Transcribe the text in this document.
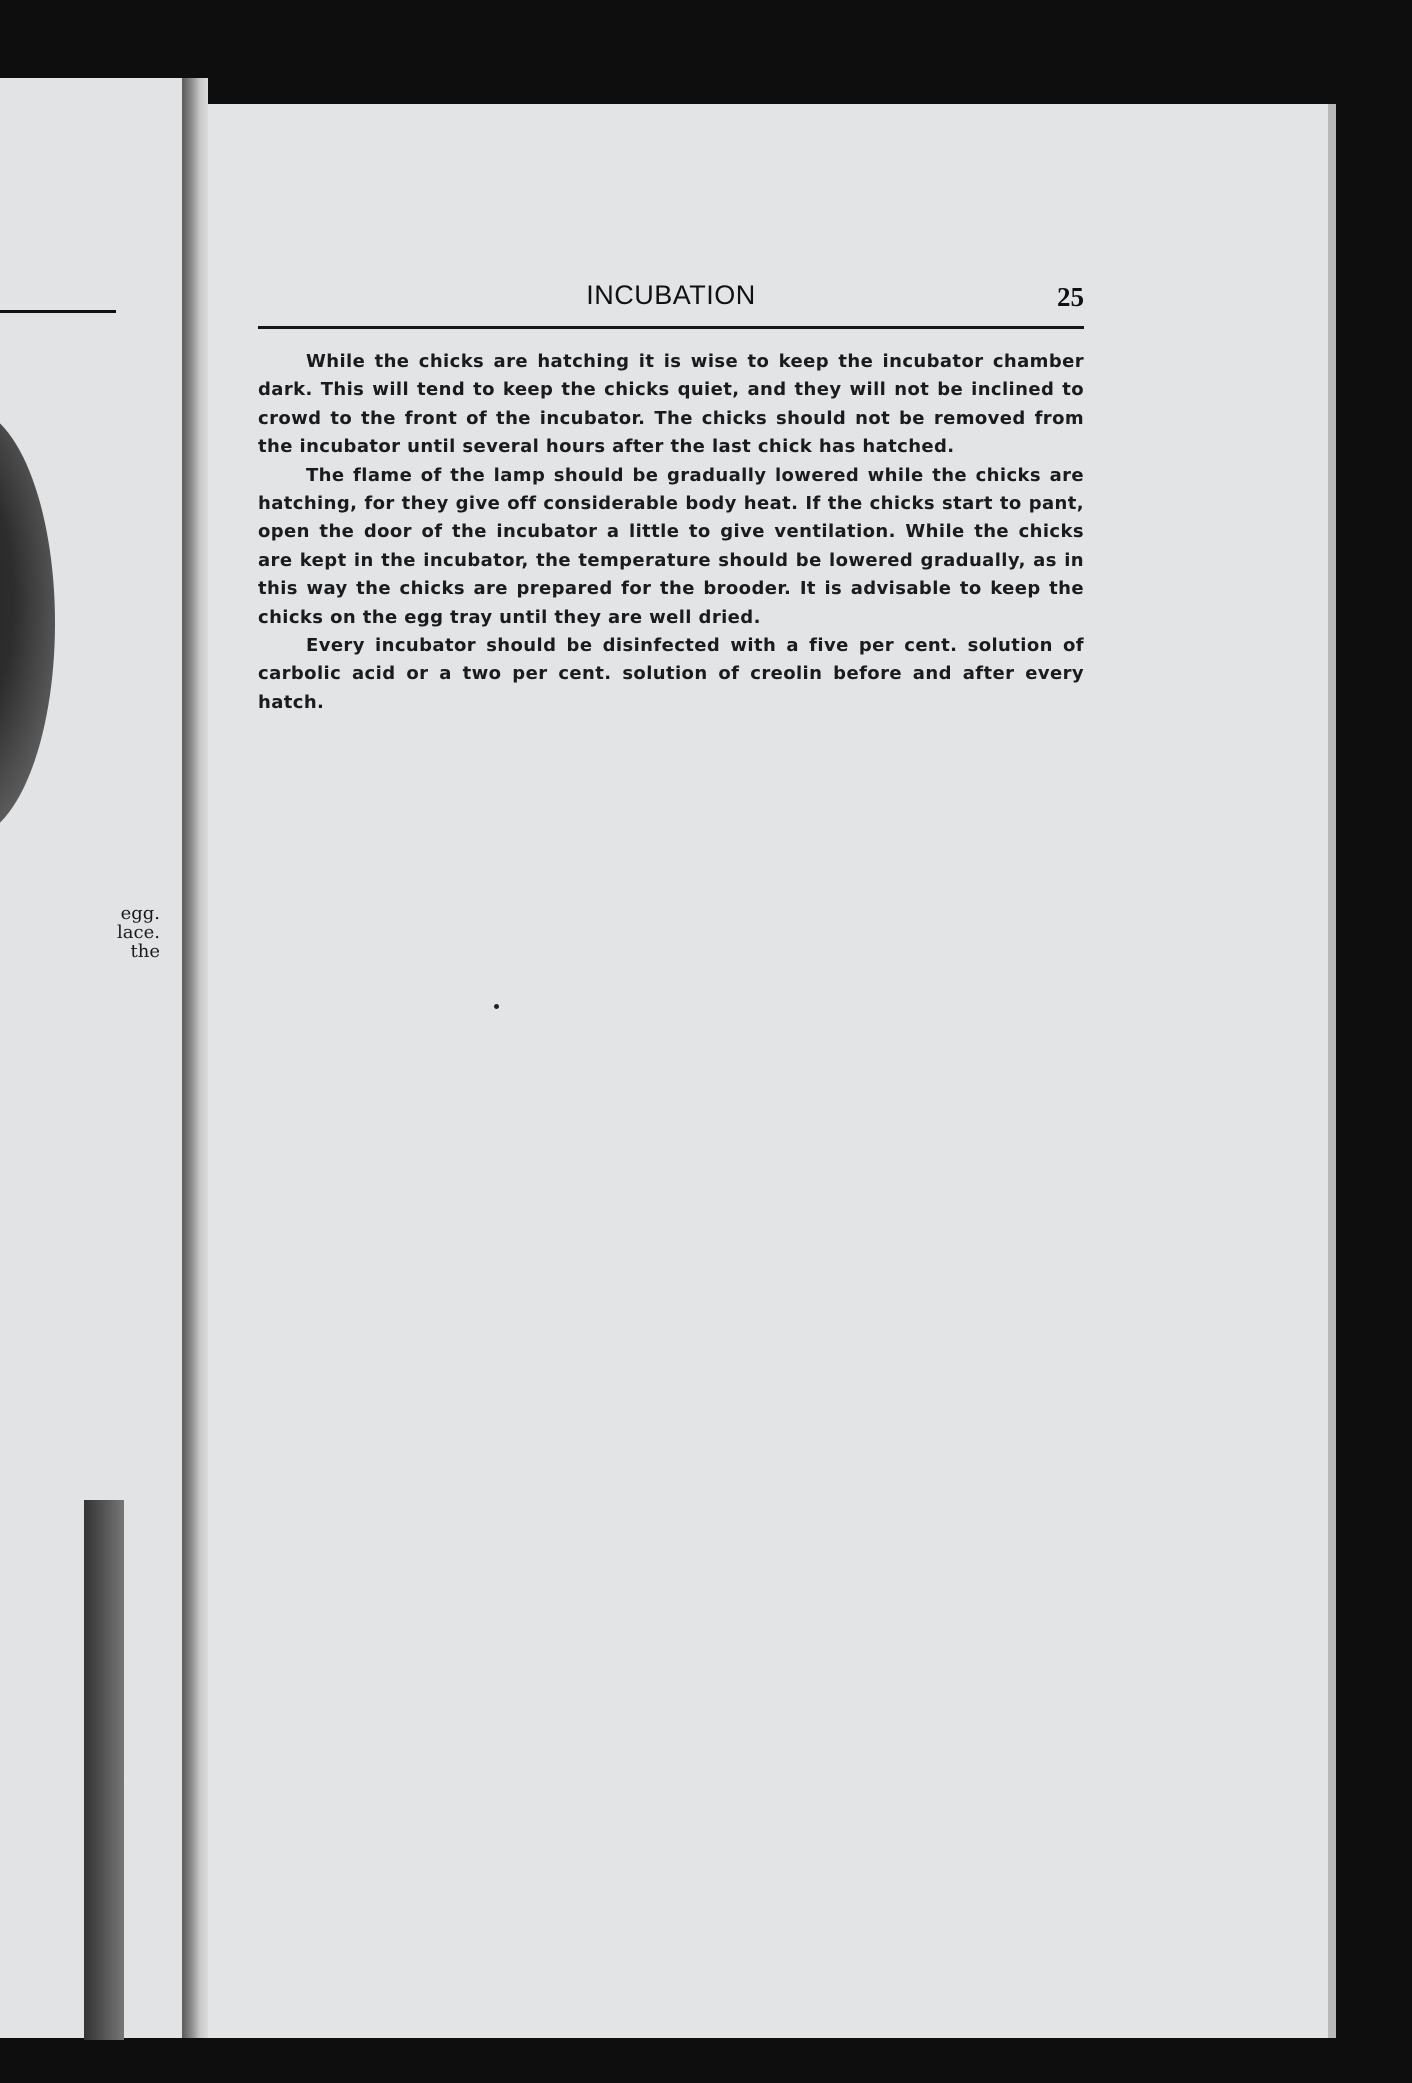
egg.
lace.
the
INCUBATION	25

While the chicks are hatching it is wise to keep the incubator chamber dark. This will tend to keep the chicks quiet, and they will not be inclined to crowd to the front of the incubator. The chicks should not be removed from the incubator until several hours after the last chick has hatched.

The flame of the lamp should be gradually lowered while the chicks are hatching, for they give off considerable body heat. If the chicks start to pant, open the door of the incubator a little to give ventilation. While the chicks are kept in the incubator, the temperature should be lowered gradually, as in this way the chicks are prepared for the brooder. It is advisable to keep the chicks on the egg tray until they are well dried.

Every incubator should be disinfected with a five per cent. solution of carbolic acid or a two per cent. solution of creolin before and after every hatch.
